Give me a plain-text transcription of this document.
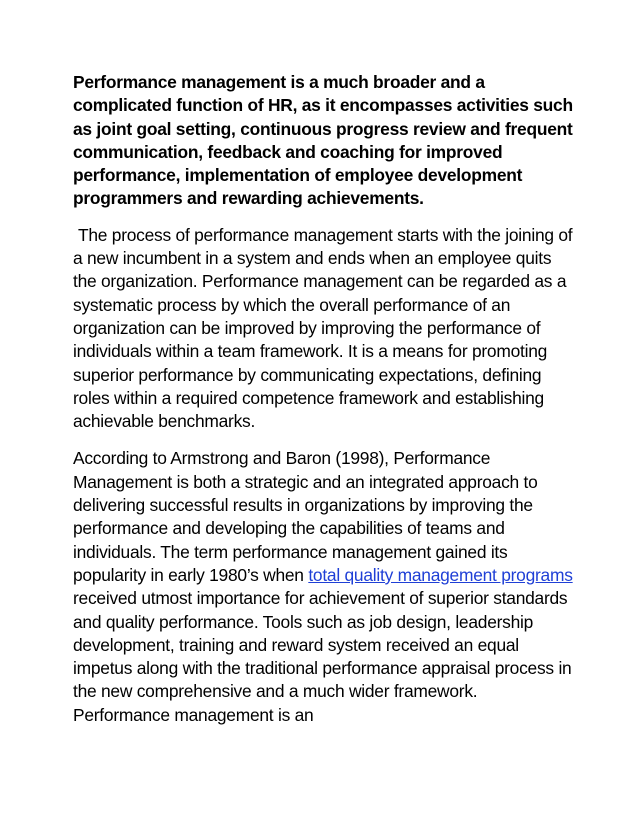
Performance management is a much broader and a complicated function of HR, as it encompasses activities such as joint goal setting, continuous progress review and frequent communication, feedback and coaching for improved performance, implementation of employee development programmers and rewarding achievements.

The process of performance management starts with the joining of a new incumbent in a system and ends when an employee quits the organization. Performance management can be regarded as a systematic process by which the overall performance of an organization can be improved by improving the performance of individuals within a team framework. It is a means for promoting superior performance by communicating expectations, defining roles within a required competence framework and establishing achievable benchmarks.

According to Armstrong and Baron (1998), Performance Management is both a strategic and an integrated approach to delivering successful results in organizations by improving the performance and developing the capabilities of teams and individuals. The term performance management gained its popularity in early 1980’s when total quality management programs received utmost importance for achievement of superior standards and quality performance. Tools such as job design, leadership development, training and reward system received an equal impetus along with the traditional performance appraisal process in the new comprehensive and a much wider framework. Performance management is an
